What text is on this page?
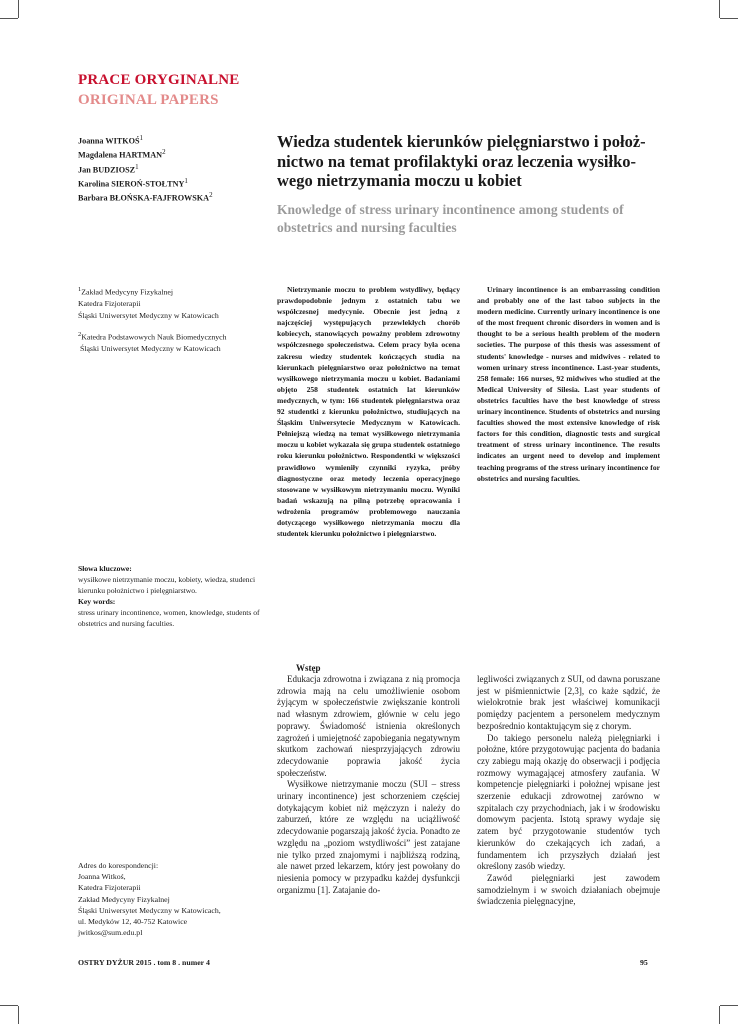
PRACE ORYGINALNE
ORIGINAL PAPERS
Joanna WITKOŚ$^1$
Magdalena HARTMAN$^2$
Jan BUDZIOSZ$^1$
Karolina SIEROŃ-STOŁTNY$^1$
Barbara BŁOŃSKA-FAJFROWSKA$^2$
Wiedza studentek kierunków pielęgniarstwo i położ-
nictwo na temat profilaktyki oraz leczenia wysiłko-
wego nietrzymania moczu u kobiet
Knowledge of stress urinary incontinence among students of
obstetrics and nursing faculties
$^1$Zakład Medycyny Fizykalnej
Katedra Fizjoterapii
Śląski Uniwersytet Medyczny w Katowicach
$^2$Katedra Podstawowych Nauk Biomedycznych
Śląski Uniwersytet Medyczny w Katowicach
Słowa kluczowe:
wysiłkowe nietrzymanie moczu, kobiety, wiedza, studenci kierunku położnictwo i pielęgniarstwo.
Key words:
stress urinary incontinence, women, knowledge, students of obstetrics and nursing faculties.

Nietrzymanie moczu to problem wstydliwy, będący prawdopodobnie jednym z ostatnich tabu we współczesnej medycynie. Obecnie jest jedną z najczęściej występujących przewlekłych chorób kobiecych, stanowiących poważny problem zdrowotny współczesnego społeczeństwa. Celem pracy była ocena zakresu wiedzy studentek kończących studia na kierunkach pielęgniarstwo oraz położnictwo na temat wysiłkowego nietrzymania moczu u kobiet. Badaniami objęto 258 studentek ostatnich lat kierunków medycznych, w tym: 166 studentek pielęgniarstwa oraz 92 studentki z kierunku położnictwo, studiujących na Śląskim Uniwersytecie Medycznym w Katowicach. Pełniejszą wiedzą na temat wysiłkowego nietrzymania moczu u kobiet wykazała się grupa studentek ostatniego roku kierunku położnictwo. Respondentki w większości prawidłowo wymieniły czynniki ryzyka, próby diagnostyczne oraz metody leczenia operacyjnego stosowane w wysiłkowym nietrzymaniu moczu. Wyniki badań wskazują na pilną potrzebę opracowania i wdrożenia programów problemowego nauczania dotyczącego wysiłkowego nietrzymania moczu dla studentek kierunku położnictwo i pielęgniarstwo.

Urinary incontinence is an embarrassing condition and probably one of the last taboo subjects in the modern medicine. Currently urinary incontinence is one of the most frequent chronic disorders in women and is thought to be a serious health problem of the modern societies. The purpose of this thesis was assessment of students' knowledge - nurses and midwives - related to women urinary stress incontinence. Last-year students, 258 female: 166 nurses, 92 midwives who studied at the Medical University of Silesia. Last year students of obstetrics faculties have the best knowledge of stress urinary incontinence. Students of obstetrics and nursing faculties showed the most extensive knowledge of risk factors for this condition, diagnostic tests and surgical treatment of stress urinary incontinence. The results indicates an urgent need to develop and implement teaching programs of the stress urinary incontinence for obstetrics and nursing faculties.

Wstęp

Edukacja zdrowotna i związana z nią promocja zdrowia mają na celu umożliwienie osobom żyjącym w społeczeństwie zwiększanie kontroli nad własnym zdrowiem, głównie w celu jego poprawy. Świadomość istnienia określonych zagrożeń i umiejętność zapobiegania negatywnym skutkom zachowań niesprzyjających zdrowiu zdecydowanie poprawia jakość życia społeczeństw.

Wysiłkowe nietrzymanie moczu (SUI – stress urinary incontinence) jest schorzeniem częściej dotykającym kobiet niż mężczyzn i należy do zaburzeń, które ze względu na uciążliwość zdecydowanie pogarszają jakość życia. Ponadto ze względu na „poziom wstydliwości” jest zatajane nie tylko przed znajomymi i najbliższą rodziną, ale nawet przed lekarzem, który jest powołany do niesienia pomocy w przypadku każdej dysfunkcji organizmu [1]. Zatajanie do-

legliwości związanych z SUI, od dawna poruszane jest w piśmiennictwie [2,3], co każe sądzić, że wielokrotnie brak jest właściwej komunikacji pomiędzy pacjentem a personelem medycznym bezpośrednio kontaktującym się z chorym.

Do takiego personelu należą pielęgniarki i położne, które przygotowując pacjenta do badania czy zabiegu mają okazję do obserwacji i podjęcia rozmowy wymagającej atmosfery zaufania. W kompetencje pielęgniarki i położnej wpisane jest szerzenie edukacji zdrowotnej zarówno w szpitalach czy przychodniach, jak i w środowisku domowym pacjenta. Istotą sprawy wydaje się zatem być przygotowanie studentów tych kierunków do czekających ich zadań, a fundamentem ich przyszłych działań jest określony zasób wiedzy.

Zawód pielęgniarki jest zawodem samodzielnym i w swoich działaniach obejmuje świadczenia pielęgnacyjne,

Adres do korespondencji:
Joanna Witkoś,
Katedra Fizjoterapii
Zakład Medycyny Fizykalnej
Śląski Uniwersytet Medyczny w Katowicach,
ul. Medyków 12, 40-752 Katowice
jwitkos@sum.edu.pl
OSTRY DYŻUR 2015 . tom 8 . numer 4	95
